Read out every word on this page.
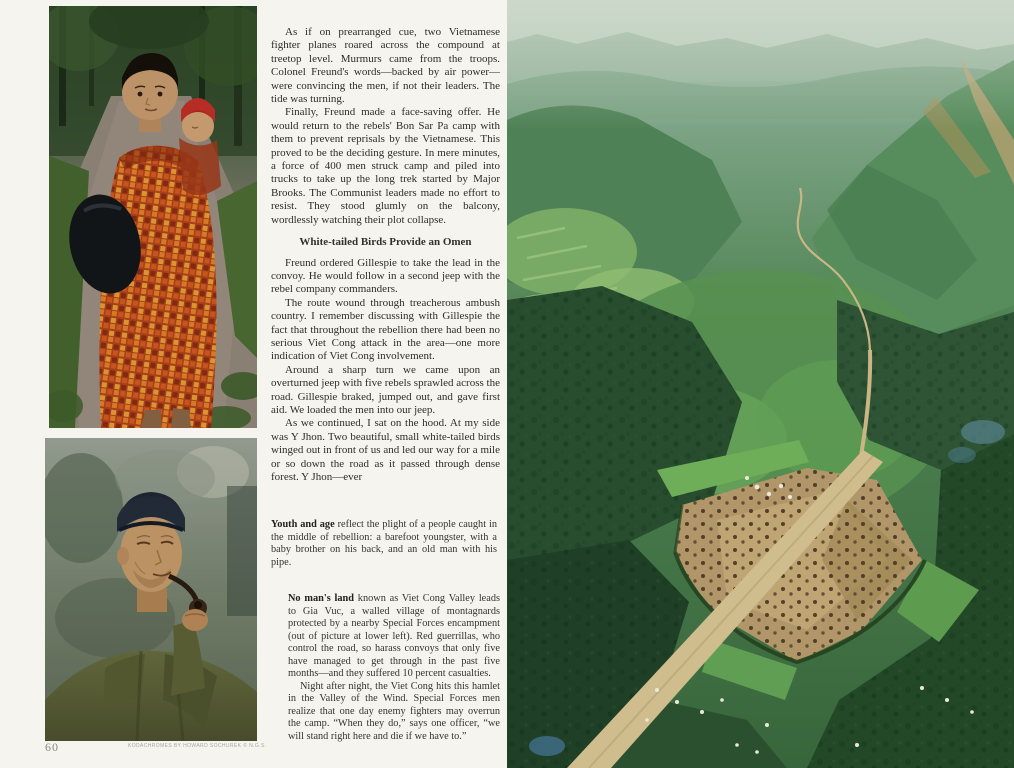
As if on prearranged cue, two Vietnamese fighter planes roared across the compound at treetop level. Murmurs came from the troops. Colonel Freund's words—backed by air power—were convincing the men, if not their leaders. The tide was turning.

Finally, Freund made a face-saving offer. He would return to the rebels' Bon Sar Pa camp with them to prevent reprisals by the Vietnamese. This proved to be the deciding gesture. In mere minutes, a force of 400 men struck camp and piled into trucks to take up the long trek started by Major Brooks. The Communist leaders made no effort to resist. They stood glumly on the balcony, wordlessly watching their plot collapse.

White-tailed Birds Provide an Omen

Freund ordered Gillespie to take the lead in the convoy. He would follow in a second jeep with the rebel company commanders.

The route wound through treacherous ambush country. I remember discussing with Gillespie the fact that throughout the rebellion there had been no serious Viet Cong attack in the area—one more indication of Viet Cong involvement.

Around a sharp turn we came upon an overturned jeep with five rebels sprawled across the road. Gillespie braked, jumped out, and gave first aid. We loaded the men into our jeep.

As we continued, I sat on the hood. At my side was Y Jhon. Two beautiful, small white-tailed birds winged out in front of us and led our way for a mile or so down the road as it passed through dense forest. Y Jhon—ever

Youth and age reflect the plight of a people caught in the middle of rebellion: a barefoot youngster, with a baby brother on his back, and an old man with his pipe.

No man's land known as Viet Cong Valley leads to Gia Vuc, a walled village of montagnards protected by a nearby Special Forces encampment (out of picture at lower left). Red guerrillas, who control the road, so harass convoys that only five have managed to get through in the past five months—and they suffered 10 percent casualties.

Night after night, the Viet Cong hits this hamlet in the Valley of the Wind. Special Forces men realize that one day enemy fighters may overrun the camp. “When they do,” says one officer, “we will stand right here and die if we have to.”

60	KODACHROMES BY HOWARD SOCHUREK © N.G.S.
